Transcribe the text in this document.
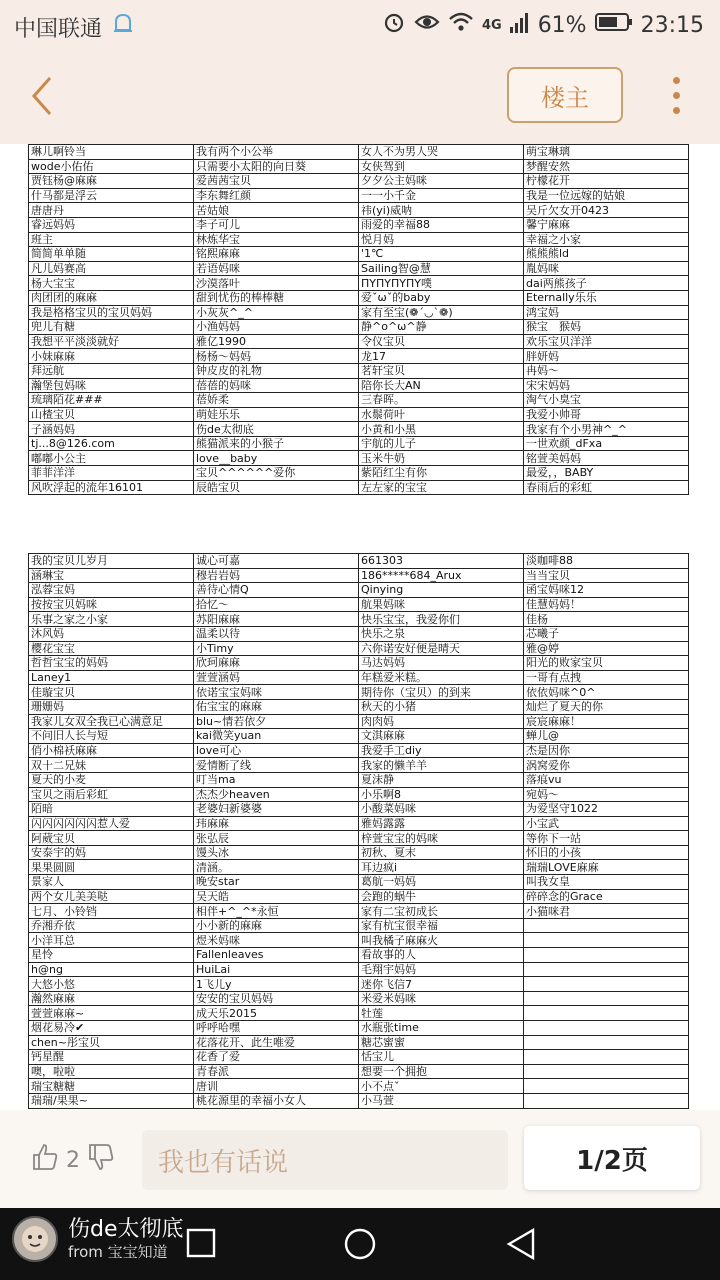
中国联通	4G 61% 23:15
楼主
琳儿啊铃当	我有两个小公举	女人不为男人哭	萌宝琳璃
wode小佑佑	只需要小太阳的向日葵	女侠驾到	梦醒安然
贾钰杨@麻麻	爱茜茜宝贝	夕夕公主妈咪	柠檬花开
什马都是浮云	李东舞红颜	一一小千金	我是一位远嫁的姑娘
唐唐丹	苦姑娘	祎(yi)威呐	吴斤欠女开0423
睿远妈妈	李子可儿	雨爱的幸福88	馨宁麻麻
班主	林炼华宝	悦月妈	幸福之小家
简简单单随	铭熙麻麻	'1℃	熊熊熊ld
凡儿妈赛高	若语妈咪	Sailing智@慧	胤妈咪
杨大宝宝	沙漠落叶	ΠΥΠΥΠΥΠΥ噗	dai两熊孩子
肉团团的麻麻	甜到忧伤的棒棒糖	爱ˇωˇ的baby	Eternally乐乐
我是格格宝贝的宝贝妈妈	小灰灰^_^	家有至宝(❁´◡`❁)	鸿宝妈
兜儿有糖	小渔妈妈	静^o^ω^静	猴宝　猴妈
我想平平淡淡就好	雅亿1990	令仪宝贝	欢乐宝贝洋洋
小妹麻麻	杨杨～妈妈	龙17	胖妍妈
拜远航	钟皮皮的礼物	茗轩宝贝	冉妈～
瀚堡包妈咪	蓓蓓的妈咪	陪你长大AN	宋宋妈妈
琉璃陌花###	蓓娇柔	三春晖。	淘气小臭宝
山楂宝贝	萌娃乐乐	水鬃荷叶	我爱小帅哥
子涵妈妈	伤de太彻底	小黄和小黑	我家有个小男神^_^
tj...8@126.com	熊猫派来的小猴子	宇航的儿子	一世欢颜_dFxa
嘟嘟小公主	love__baby	玉米牛奶	铭萱美妈妈
菲菲洋洋	宝贝^^^^^^爱你	紫陌红尘有你	最爱，，BABY
风吹浮起的流年16101	辰皓宝贝	左左家的宝宝	春雨后的彩虹
我的宝贝儿岁月	诚心可嘉	661303	淡咖啡88
涵琳宝	穆岩岩妈	186*****684_Arux	当当宝贝
泓蓉宝妈	善待心情Q	Qinying	函宝妈咪12
按按宝贝妈咪	拾忆～	航果妈咪	佳慧妈妈！
乐事之家之小家	苏阳麻麻	快乐宝宝，我爱你们	佳杨
沐风妈	温柔以待	快乐之泉	芯曦子
樱花宝宝	小Timy	六你诺安好便是晴天	雅@婷
哲哲宝宝的妈妈	欣珂麻麻	马达妈妈	阳光的败家宝贝
Laney1	萱萱涵妈	年糕爱米糕。	一哥有点拽
佳璇宝贝	依诺宝宝妈咪	期待你（宝贝）的到来	依依妈咪^0^
珊姗妈	佑宝宝的麻麻	秋天的小猪	灿烂了夏天的你
我家儿女双全我已心满意足	blu~情若依夕	肉肉妈	宸宸麻麻！
不问旧人长与短	kai微笑yuan	文淇麻麻	蝉儿@
俏小棉袄麻麻	love可心	我爱手工diy	杰是因你
双十二兄妹	爱情断了线	我家的懒羊羊	涡窝爱你
夏天的小麦	叮当ma	夏沫静	落痕vu
宝贝之雨后彩虹	杰杰少heaven	小乐啊8	宛妈～
陌暗	老婆妇新婆婆	小酸菜妈咪	为爱坚守1022
闪闪闪闪闪闪惹人爱	玮麻麻	雅妈露露	小宝武
阿葳宝贝	张弘辰	梓萱宝宝的妈咪	等你下一站
安泰宇的妈	馒头冰	初秋、夏末	怀旧的小孩
果果圆圆	清涵。	耳边疯i	瑞瑞LOVE麻麻
景家人	晚安star	葛航一妈妈	叫我女皇
两个女儿美美哒	吴天皓	会跑的蜗牛	碎碎念的Grace
七月、小铃铛	相伴+^_^*永恒	家有二宝初成长	小猫咪君
乔湘乔依	小小新的麻麻	家有杭宝很幸福	
小洋耳总	煜米妈咪	叫我橘子麻麻火	
星怜	Fallenleaves	看故事的人	
h@ng	HuiLai	毛翔宇妈妈	
大悠小悠	1飞儿y	迷你飞信7	
瀚然麻麻	安安的宝贝妈妈	米爱米妈咪	
萱萱麻麻~	成天乐2015	牡莲	
烟花易冷✔	呼呼哈嘿	水瓶张time	
chen~彤宝贝	花落花开、此生唯爱	糖芯蜜蜜	
钙星醒	花香了爱	恬宝儿	
噢，啦啦	青春派	想要一个拥抱	
瑞宝糖糖	唐训	小不点ˇ	
瑞瑞/果果~	桃花源里的幸福小女人	小马萱	
2	我也有话说	1/2页
伤de太彻底
from 宝宝知道
